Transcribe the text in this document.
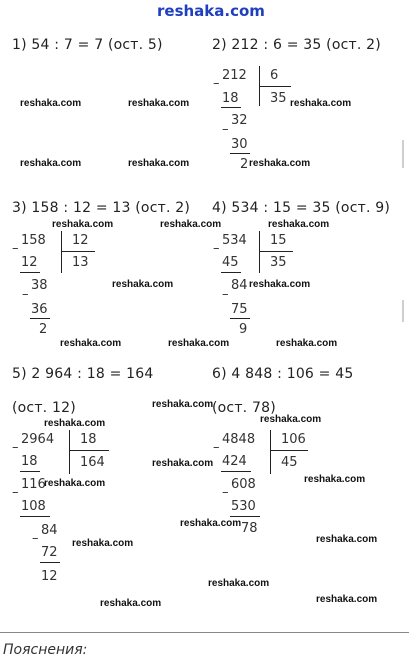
reshaka.com
1) 54 : 7 = 7 (ост. 5)	2) 212 : 6 = 35 (ост. 2)
–
212 6
35
18
–
32
30
2
3) 158 : 12 = 13 (ост. 2)
–
158 12
13
12
–
38
36
2
4) 534 : 15 = 35 (ост. 9)
–
534 15
35
45
–
84
75
9
5) 2 964 : 18 = 164
(ост. 12)
–
2964 18
164
18
–
116
108
–
84
72
12
6) 4 848 : 106 = 45
(ост. 78)
–
4848 106
45
424
–
608
530
78
reshaka.com	reshaka.com	reshaka.com
reshaka.com	reshaka.com	reshaka.com
reshaka.com	reshaka.com	reshaka.com
reshaka.com	reshaka.com
reshaka.com	reshaka.com	reshaka.com
reshaka.com
reshaka.com
reshaka.com
reshaka.com
reshaka.com
reshaka.com
reshaka.com
reshaka.com
reshaka.com
reshaka.com
reshaka.com
reshaka.com
Пояснения:
